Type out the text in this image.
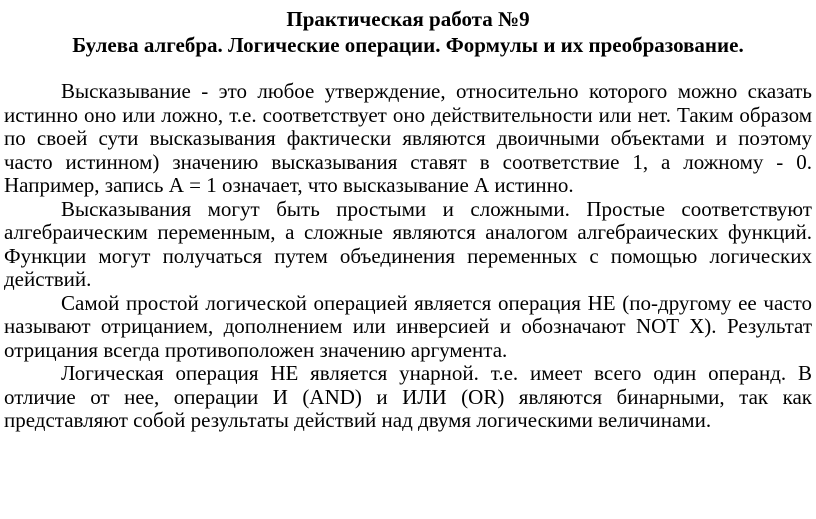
Практическая работа №9

Булева алгебра. Логические операции. Формулы и их преобразование.

Высказывание - это любое утверждение, относительно которого можно сказать истинно оно или ложно, т.е. соответствует оно действительности или нет. Таким образом по своей сути высказывания фактически являются двоичными объектами и поэтому часто истинном) значению высказывания ставят в соответствие 1, а ложному - 0. Например, запись А = 1 означает, что высказывание А истинно.

Высказывания могут быть простыми и сложными. Простые соответствуют алгебраическим переменным, а сложные являются аналогом алгебраических функций. Функции могут получаться путем объединения переменных с помощью логических действий.

Самой простой логической операцией является операция НЕ (по-другому ее часто называют отрицанием, дополнением или инверсией и обозначают NOT X). Результат отрицания всегда противоположен значению аргумента.

Логическая операция НЕ является унарной. т.е. имеет всего один операнд. В отличие от нее, операции И (AND) и ИЛИ (OR) являются бинарными, так как представляют собой результаты действий над двумя логическими величинами.
